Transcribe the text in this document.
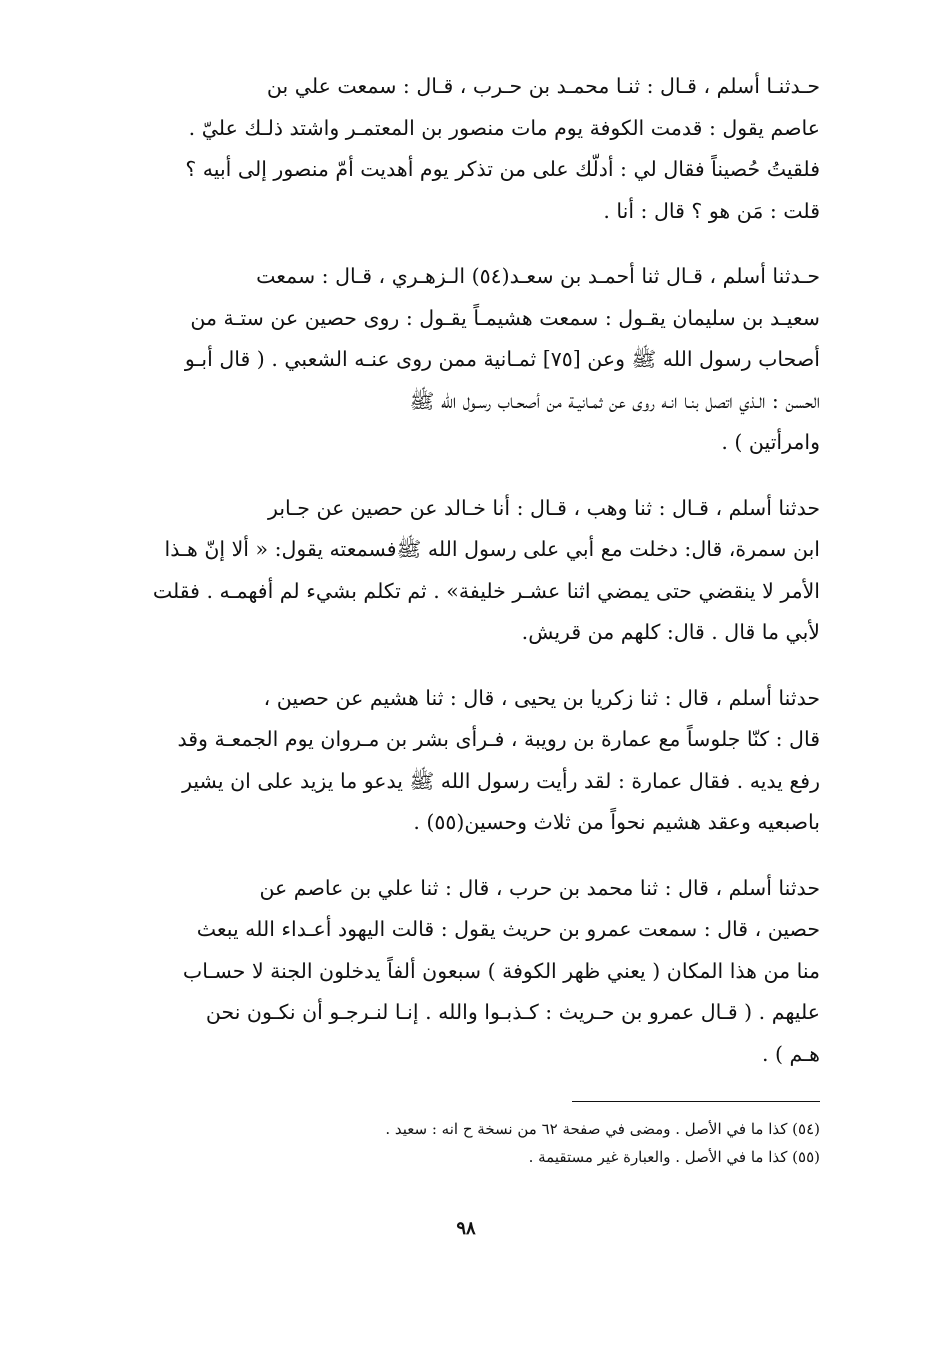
حـدثنـا أسلم ، قـال : ثنـا محمـد بن حـرب ، قـال : سمعت علي بن
عاصم يقول : قدمت الكوفة يوم مات منصور بن المعتمـر واشتد ذلـك عليّ .
فلقيتُ حُصيناً فقال لي : أدلّك على من تذكر يوم أهديت أمّ منصور إلى أبيه ؟
قلت : مَن هو ؟ قال : أنا .

حـدثنا أسلم ، قـال ثنا أحمـد بن سعـد(٥٤) الـزهـري ، قـال : سمعت
سعيـد بن سليمان يقـول : سمعت هشيمـاً يقـول : روى حصين عن ستـة من
أصحاب رسول الله ﷺ وعن [٧٥] ثمـانية ممن روى عنـه الشعبي . ( قال أبـو
الحسن : الـذي اتصل بنـا انـه روى عن ثمـانيـة من أصحـاب رسـول الله ﷺ
وامرأتين ) .

حدثنا أسلم ، قـال : ثنا وهب ، قـال : أنا خـالد عن حصين عن جـابر
ابن سمرة، قال: دخلت مع أبي على رسول الله ﷺفسمعته يقول: « ألا إنّ هـذا
الأمر لا ينقضي حتى يمضي اثنا عشـر خليفة» . ثم تكلم بشيء لم أفهمـه . فقلت
لأبي ما قال . قال: كلهم من قريش.

حدثنا أسلم ، قال : ثنا زكريا بن يحيى ، قال : ثنا هشيم عن حصين ،
قال : كنّا جلوساً مع عمارة بن رويبة ، فـرأى بشر بن مـروان يوم الجمعـة وقد
رفع يديه . فقال عمارة : لقد رأيت رسول الله ﷺ يدعو ما يزيد على ان يشير
باصبعيه وعقد هشيم نحواً من ثلاث وحسين(٥٥) .

حدثنا أسلم ، قال : ثنا محمد بن حرب ، قال : ثنا علي بن عاصم عن
حصين ، قال : سمعت عمرو بن حريث يقول : قالت اليهود أعـداء الله يبعث
منا من هذا المكان ( يعني ظهر الكوفة ) سبعون ألفاً يدخلون الجنة لا حسـاب
عليهم . ( قـال عمرو بن حـريث : كـذبـوا والله . إنـا لنـرجـو أن نكـون نحن
هـم ) .

(٥٤) كذا ما في الأصل . ومضى في صفحة ٦٢ من نسخة ح انه : سعيد .
(٥٥) كذا ما في الأصل . والعبارة غير مستقيمة .
٩٨
